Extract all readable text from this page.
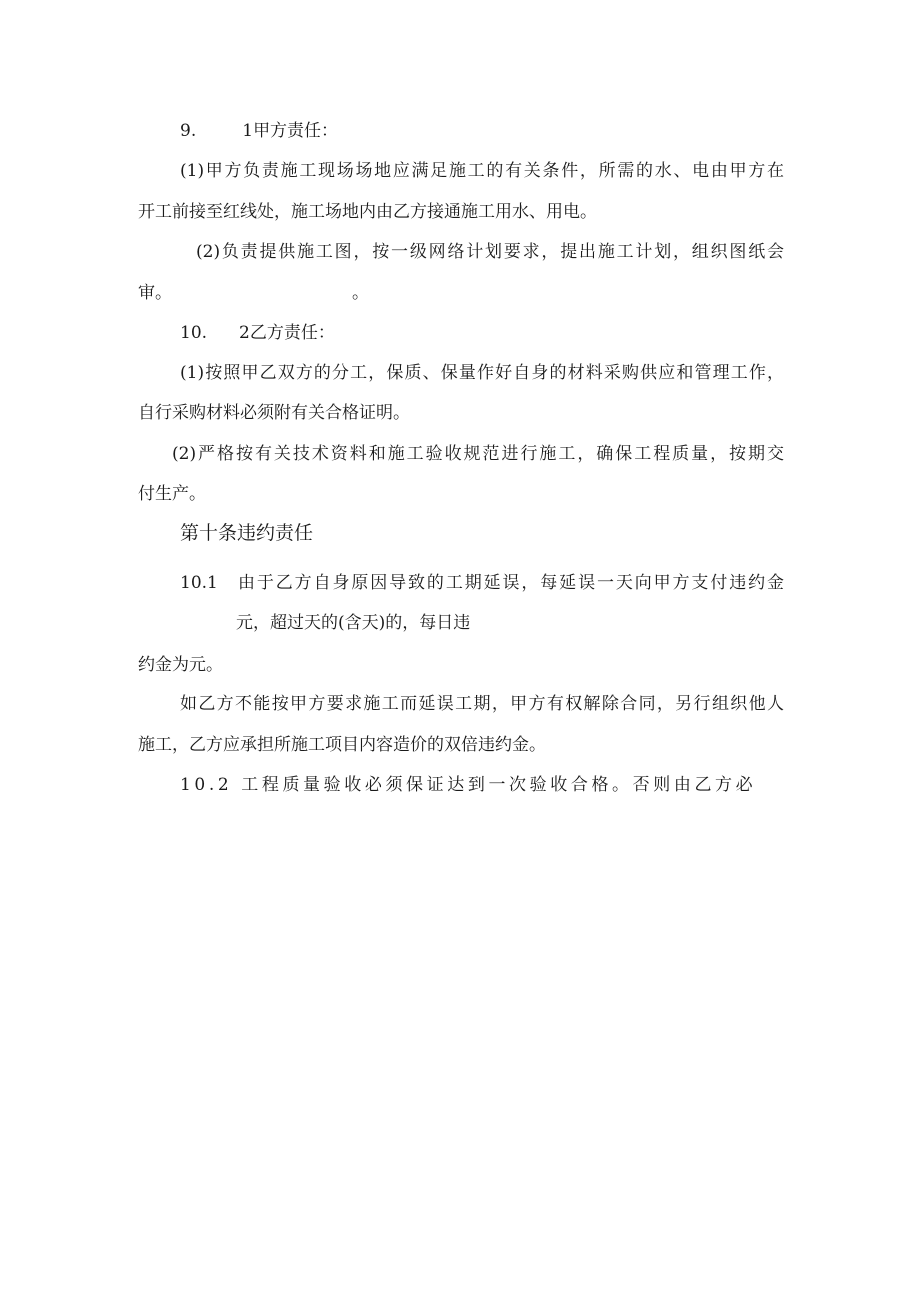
9.	1甲方责任：
(1)甲方负责施工现场场地应满足施工的有关条件，所需的水、电由甲方在
开工前接至红线处，施工场地内由乙方接通施工用水、用电。
(2)负责提供施工图，按一级网络计划要求，提出施工计划，组织图纸会
审。	。
10. 2乙方责任：
(1)按照甲乙双方的分工，保质、保量作好自身的材料采购供应和管理工作，
自行采购材料必须附有关合格证明。
(2)严格按有关技术资料和施工验收规范进行施工，确保工程质量，按期交
付生产。
第十条违约责任
10.1	由于乙方自身原因导致的工期延误，每延误一天向甲方支付违约金
元，超过天的(含天)的，每日违
约金为元。
如乙方不能按甲方要求施工而延误工期，甲方有权解除合同，另行组织他人
施工，乙方应承担所施工项目内容造价的双倍违约金。
10.2 工程质量验收必须保证达到一次验收合格。否则由乙方必
